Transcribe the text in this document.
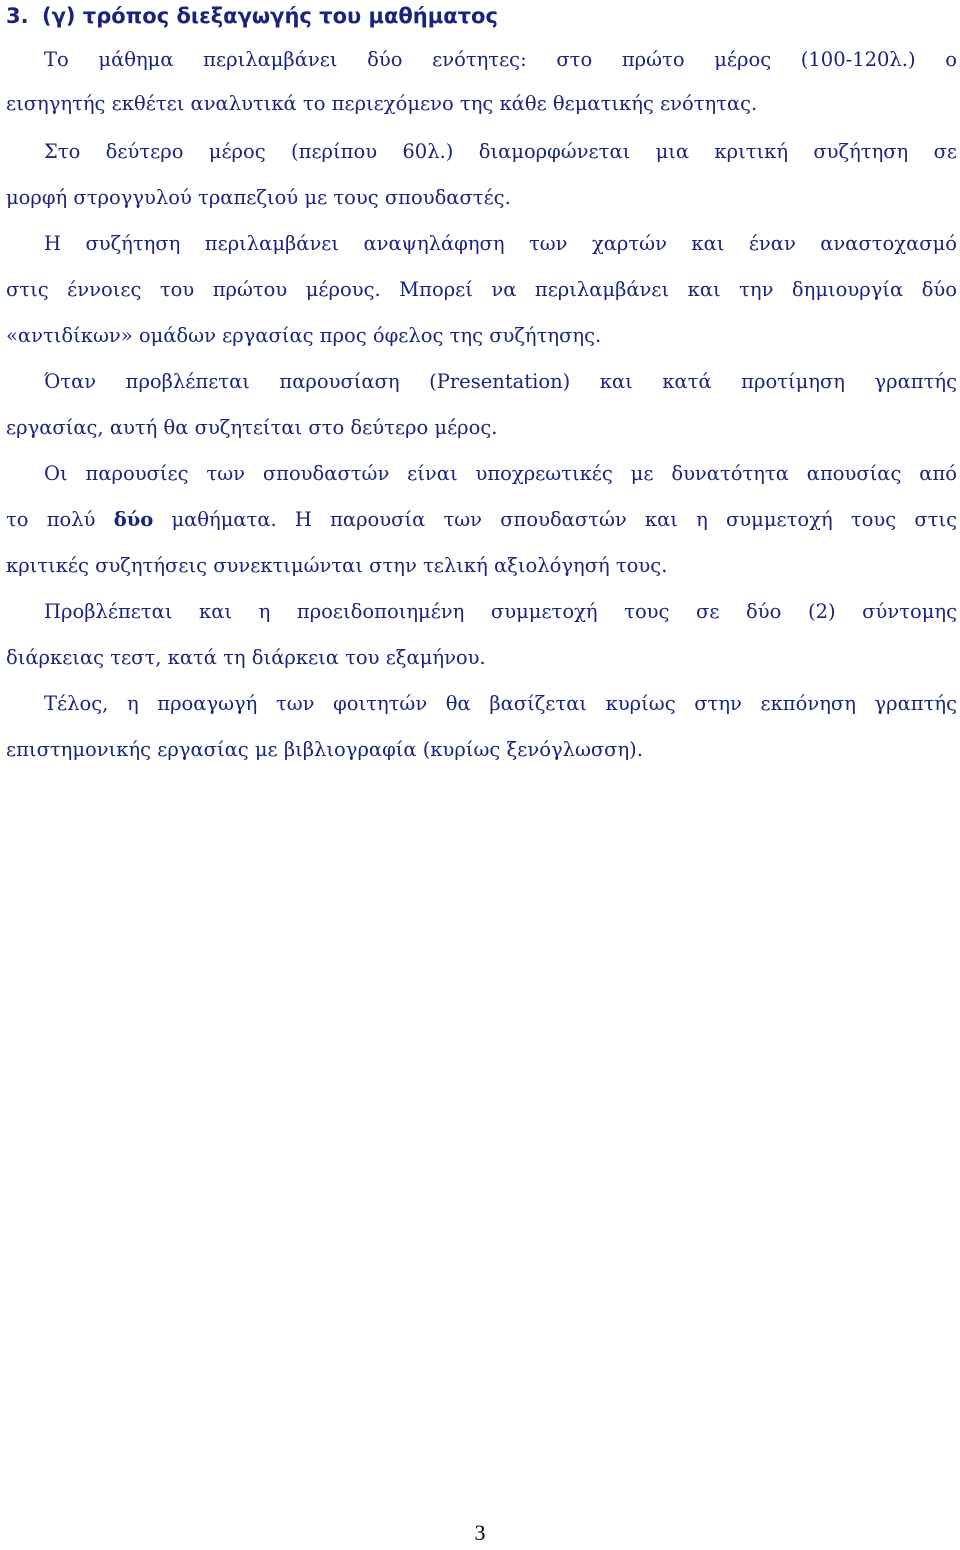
3. (γ) τρόπος διεξαγωγής του μαθήματος
Το μάθημα περιλαμβάνει δύο ενότητες: στο πρώτο μέρος (100-120λ.) ο
εισηγητής εκθέτει αναλυτικά το περιεχόμενο της κάθε θεματικής ενότητας.
Στο δεύτερο μέρος (περίπου 60λ.) διαμορφώνεται μια κριτική συζήτηση σε
μορφή στρογγυλού τραπεζιού με τους σπουδαστές.
Η συζήτηση περιλαμβάνει αναψηλάφηση των χαρτών και έναν αναστοχασμό
στις έννοιες του πρώτου μέρους. Μπορεί να περιλαμβάνει και την δημιουργία δύο
«αντιδίκων» ομάδων εργασίας προς όφελος της συζήτησης.
Όταν προβλέπεται παρουσίαση (Presentation) και κατά προτίμηση γραπτής
εργασίας, αυτή θα συζητείται στο δεύτερο μέρος.
Οι παρουσίες των σπουδαστών είναι υποχρεωτικές με δυνατότητα απουσίας από
το πολύ δύο μαθήματα. Η παρουσία των σπουδαστών και η συμμετοχή τους στις
κριτικές συζητήσεις συνεκτιμώνται στην τελική αξιολόγησή τους.
Προβλέπεται και η προειδοποιημένη συμμετοχή τους σε δύο (2) σύντομης
διάρκειας τεστ, κατά τη διάρκεια του εξαμήνου.
Τέλος, η προαγωγή των φοιτητών θα βασίζεται κυρίως στην εκπόνηση γραπτής
επιστημονικής εργασίας με βιβλιογραφία (κυρίως ξενόγλωσση).
3
